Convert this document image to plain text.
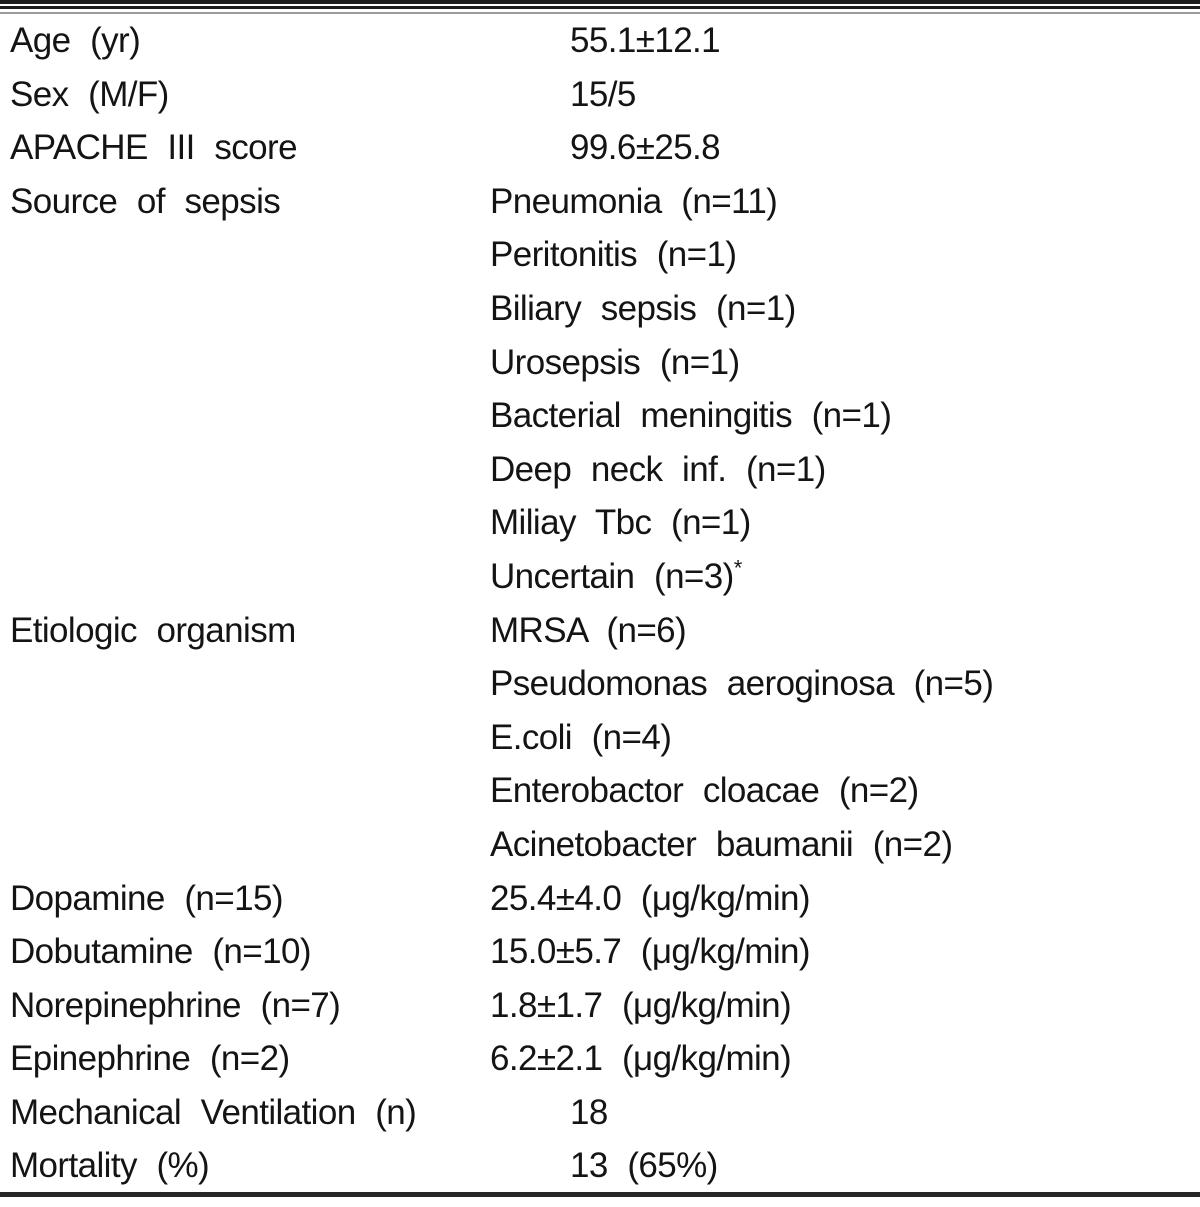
Age (yr)	55.1±12.1
Sex (M/F)	15/5
APACHE III score	99.6±25.8
Source of sepsis	Pneumonia (n=11)
Peritonitis (n=1)
Biliary sepsis (n=1)
Urosepsis (n=1)
Bacterial meningitis (n=1)
Deep neck inf. (n=1)
Miliay Tbc (n=1)
Uncertain (n=3)*
Etiologic organism	MRSA (n=6)
Pseudomonas aeroginosa (n=5)
E.coli (n=4)
Enterobactor cloacae (n=2)
Acinetobacter baumanii (n=2)
Dopamine (n=15)	25.4±4.0 (μg/kg/min)
Dobutamine (n=10)	15.0±5.7 (μg/kg/min)
Norepinephrine (n=7)	1.8±1.7 (μg/kg/min)
Epinephrine (n=2)	6.2±2.1 (μg/kg/min)
Mechanical Ventilation (n)	18
Mortality (%)	13 (65%)
